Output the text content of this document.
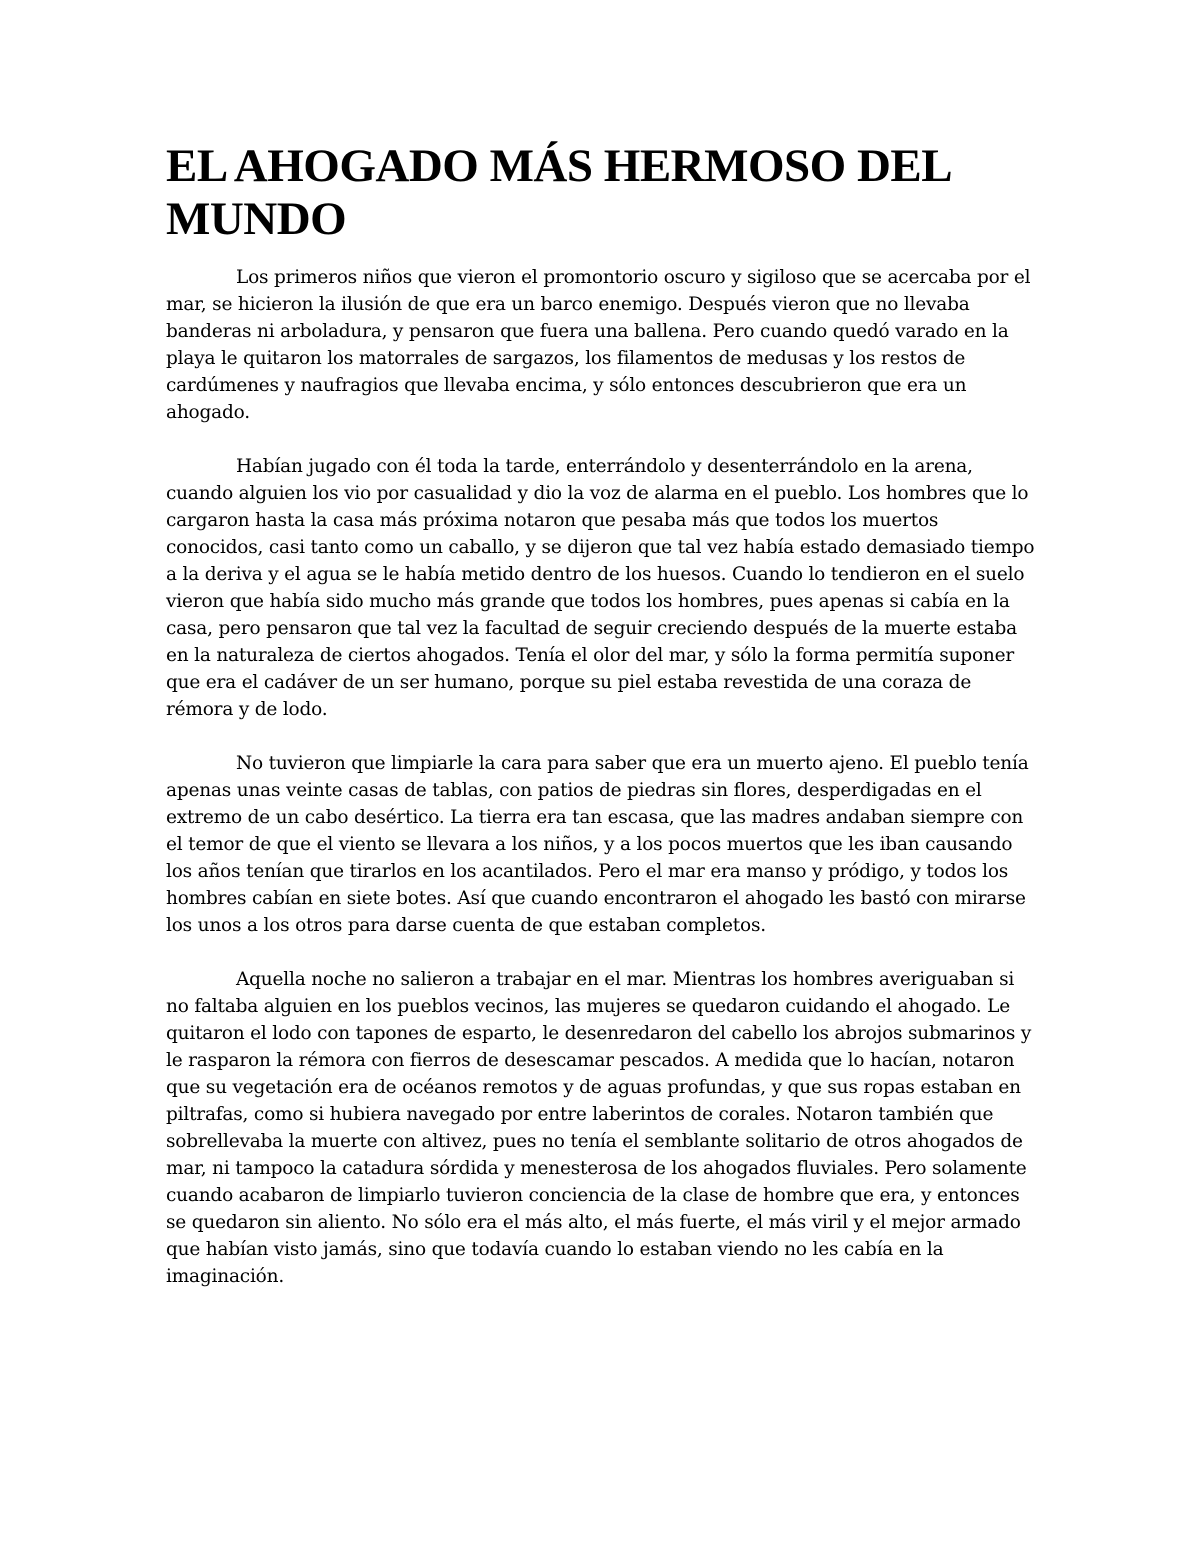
EL AHOGADO MÁS HERMOSO DEL MUNDO

Los primeros niños que vieron el promontorio oscuro y sigiloso que se acercaba por el mar, se hicieron la ilusión de que era un barco enemigo. Después vieron que no llevaba banderas ni arboladura, y pensaron que fuera una ballena. Pero cuando quedó varado en la playa le quitaron los matorrales de sargazos, los filamentos de medusas y los restos de cardúmenes y naufragios que llevaba encima, y sólo entonces descubrieron que era un ahogado.

Habían jugado con él toda la tarde, enterrándolo y desenterrándolo en la arena, cuando alguien los vio por casualidad y dio la voz de alarma en el pueblo. Los hombres que lo cargaron hasta la casa más próxima notaron que pesaba más que todos los muertos conocidos, casi tanto como un caballo, y se dijeron que tal vez había estado demasiado tiempo a la deriva y el agua se le había metido dentro de los huesos. Cuando lo tendieron en el suelo vieron que había sido mucho más grande que todos los hombres, pues apenas si cabía en la casa, pero pensaron que tal vez la facultad de seguir creciendo después de la muerte estaba en la naturaleza de ciertos ahogados. Tenía el olor del mar, y sólo la forma permitía suponer que era el cadáver de un ser humano, porque su piel estaba revestida de una coraza de rémora y de lodo.

No tuvieron que limpiarle la cara para saber que era un muerto ajeno. El pueblo tenía apenas unas veinte casas de tablas, con patios de piedras sin flores, desperdigadas en el extremo de un cabo desértico. La tierra era tan escasa, que las madres andaban siempre con el temor de que el viento se llevara a los niños, y a los pocos muertos que les iban causando los años tenían que tirarlos en los acantilados. Pero el mar era manso y pródigo, y todos los hombres cabían en siete botes. Así que cuando encontraron el ahogado les bastó con mirarse los unos a los otros para darse cuenta de que estaban completos.

Aquella noche no salieron a trabajar en el mar. Mientras los hombres averiguaban si no faltaba alguien en los pueblos vecinos, las mujeres se quedaron cuidando el ahogado. Le quitaron el lodo con tapones de esparto, le desenredaron del cabello los abrojos submarinos y le rasparon la rémora con fierros de desescamar pescados. A medida que lo hacían, notaron que su vegetación era de océanos remotos y de aguas profundas, y que sus ropas estaban en piltrafas, como si hubiera navegado por entre laberintos de corales. Notaron también que sobrellevaba la muerte con altivez, pues no tenía el semblante solitario de otros ahogados de mar, ni tampoco la catadura sórdida y menesterosa de los ahogados fluviales. Pero solamente cuando acabaron de limpiarlo tuvieron conciencia de la clase de hombre que era, y entonces se quedaron sin aliento. No sólo era el más alto, el más fuerte, el más viril y el mejor armado que habían visto jamás, sino que todavía cuando lo estaban viendo no les cabía en la imaginación.
